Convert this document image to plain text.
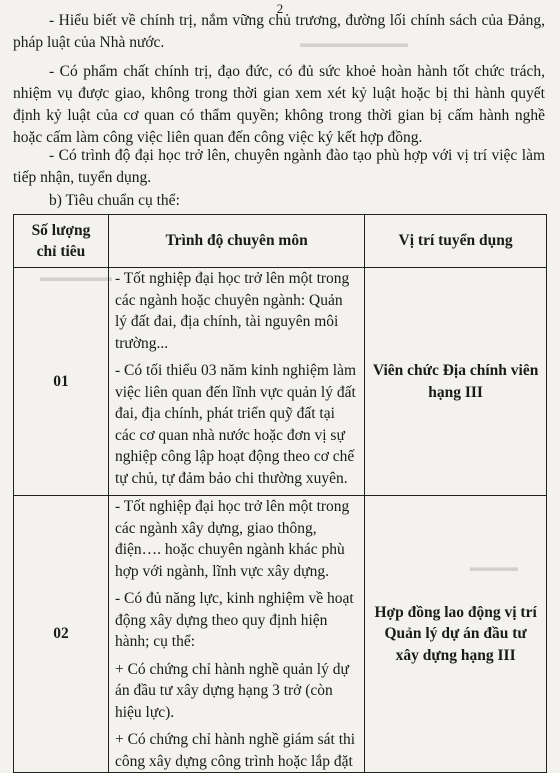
▬▬▬▬▬▬▬▬▬
▬▬▬▬▬▬
▬▬▬▬
2

- Hiểu biết về chính trị, nắm vững chủ trương, đường lối chính sách của Đảng, pháp luật của Nhà nước.

- Có phẩm chất chính trị, đạo đức, có đủ sức khoẻ hoàn hành tốt chức trách, nhiệm vụ được giao, không trong thời gian xem xét kỷ luật hoặc bị thi hành quyết định kỷ luật của cơ quan có thẩm quyền; không trong thời gian bị cấm hành nghề hoặc cấm làm công việc liên quan đến công việc ký kết hợp đồng.

- Có trình độ đại học trở lên, chuyên ngành đào tạo phù hợp với vị trí việc làm tiếp nhận, tuyển dụng.

b) Tiêu chuẩn cụ thể:

Số lượng chỉ tiêu	Trình độ chuyên môn	Vị trí tuyển dụng
01	- Tốt nghiệp đại học trở lên một trong các ngành hoặc chuyên ngành: Quản lý đất đai, địa chính, tài nguyên môi trường...

- Có tối thiểu 03 năm kinh nghiệm làm việc liên quan đến lĩnh vực quản lý đất đai, địa chính, phát triển quỹ đất tại các cơ quan nhà nước hoặc đơn vị sự nghiệp công lập hoạt động theo cơ chế tự chủ, tự đảm bảo chi thường xuyên.	Viên chức Địa chính viên hạng III
02	- Tốt nghiệp đại học trở lên một trong các ngành xây dựng, giao thông, điện…. hoặc chuyên ngành khác phù hợp với ngành, lĩnh vực xây dựng.

- Có đủ năng lực, kinh nghiệm về hoạt động xây dựng theo quy định hiện hành; cụ thể:

+ Có chứng chỉ hành nghề quản lý dự án đầu tư xây dựng hạng 3 trở (còn hiệu lực).

+ Có chứng chỉ hành nghề giám sát thi công xây dựng công trình hoặc lắp đặt	Hợp đồng lao động vị trí Quản lý dự án đầu tư xây dựng hạng III
